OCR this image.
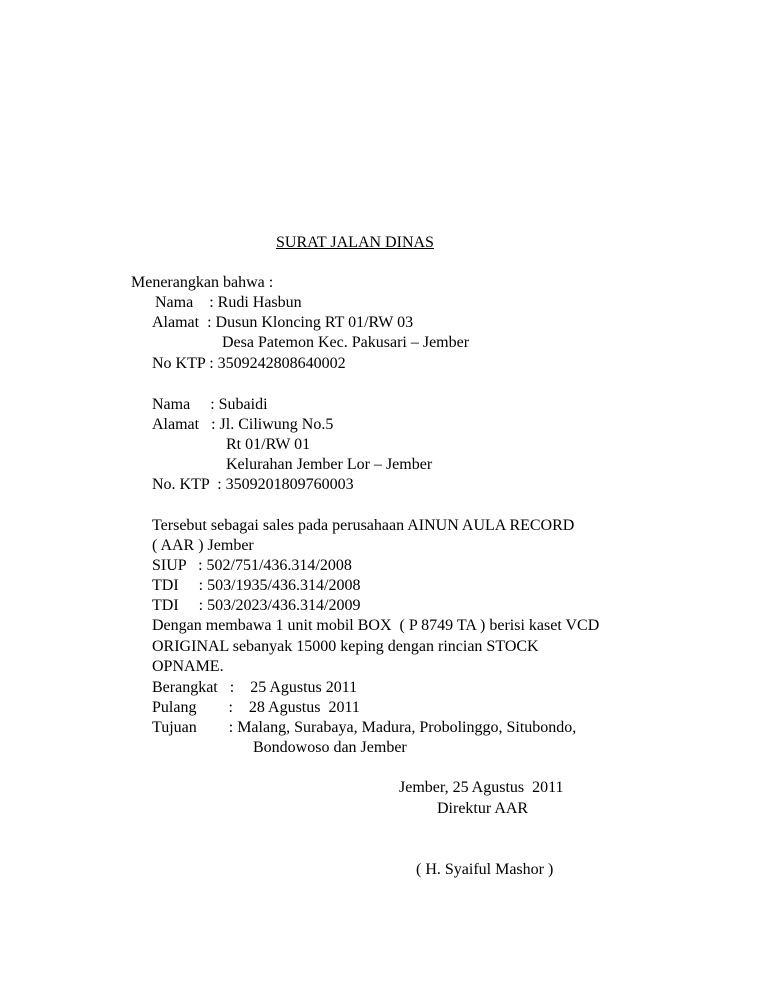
SURAT JALAN DINAS
Menerangkan bahwa :
Nama    : Rudi Hasbun
Alamat  : Dusun Kloncing RT 01/RW 03
Desa Patemon Kec. Pakusari – Jember
No KTP : 3509242808640002
Nama     : Subaidi
Alamat   : Jl. Ciliwung No.5
Rt 01/RW 01
Kelurahan Jember Lor – Jember
No. KTP  : 3509201809760003
Tersebut sebagai sales pada perusahaan AINUN AULA RECORD
( AAR ) Jember
SIUP   : 502/751/436.314/2008
TDI     : 503/1935/436.314/2008
TDI     : 503/2023/436.314/2009
Dengan membawa 1 unit mobil BOX  ( P 8749 TA ) berisi kaset VCD
ORIGINAL sebanyak 15000 keping dengan rincian STOCK
OPNAME.
Berangkat   :    25 Agustus 2011
Pulang        :    28 Agustus  2011
Tujuan        : Malang, Surabaya, Madura, Probolinggo, Situbondo,
Bondowoso dan Jember
Jember, 25 Agustus  2011
Direktur AAR
( H. Syaiful Mashor )
